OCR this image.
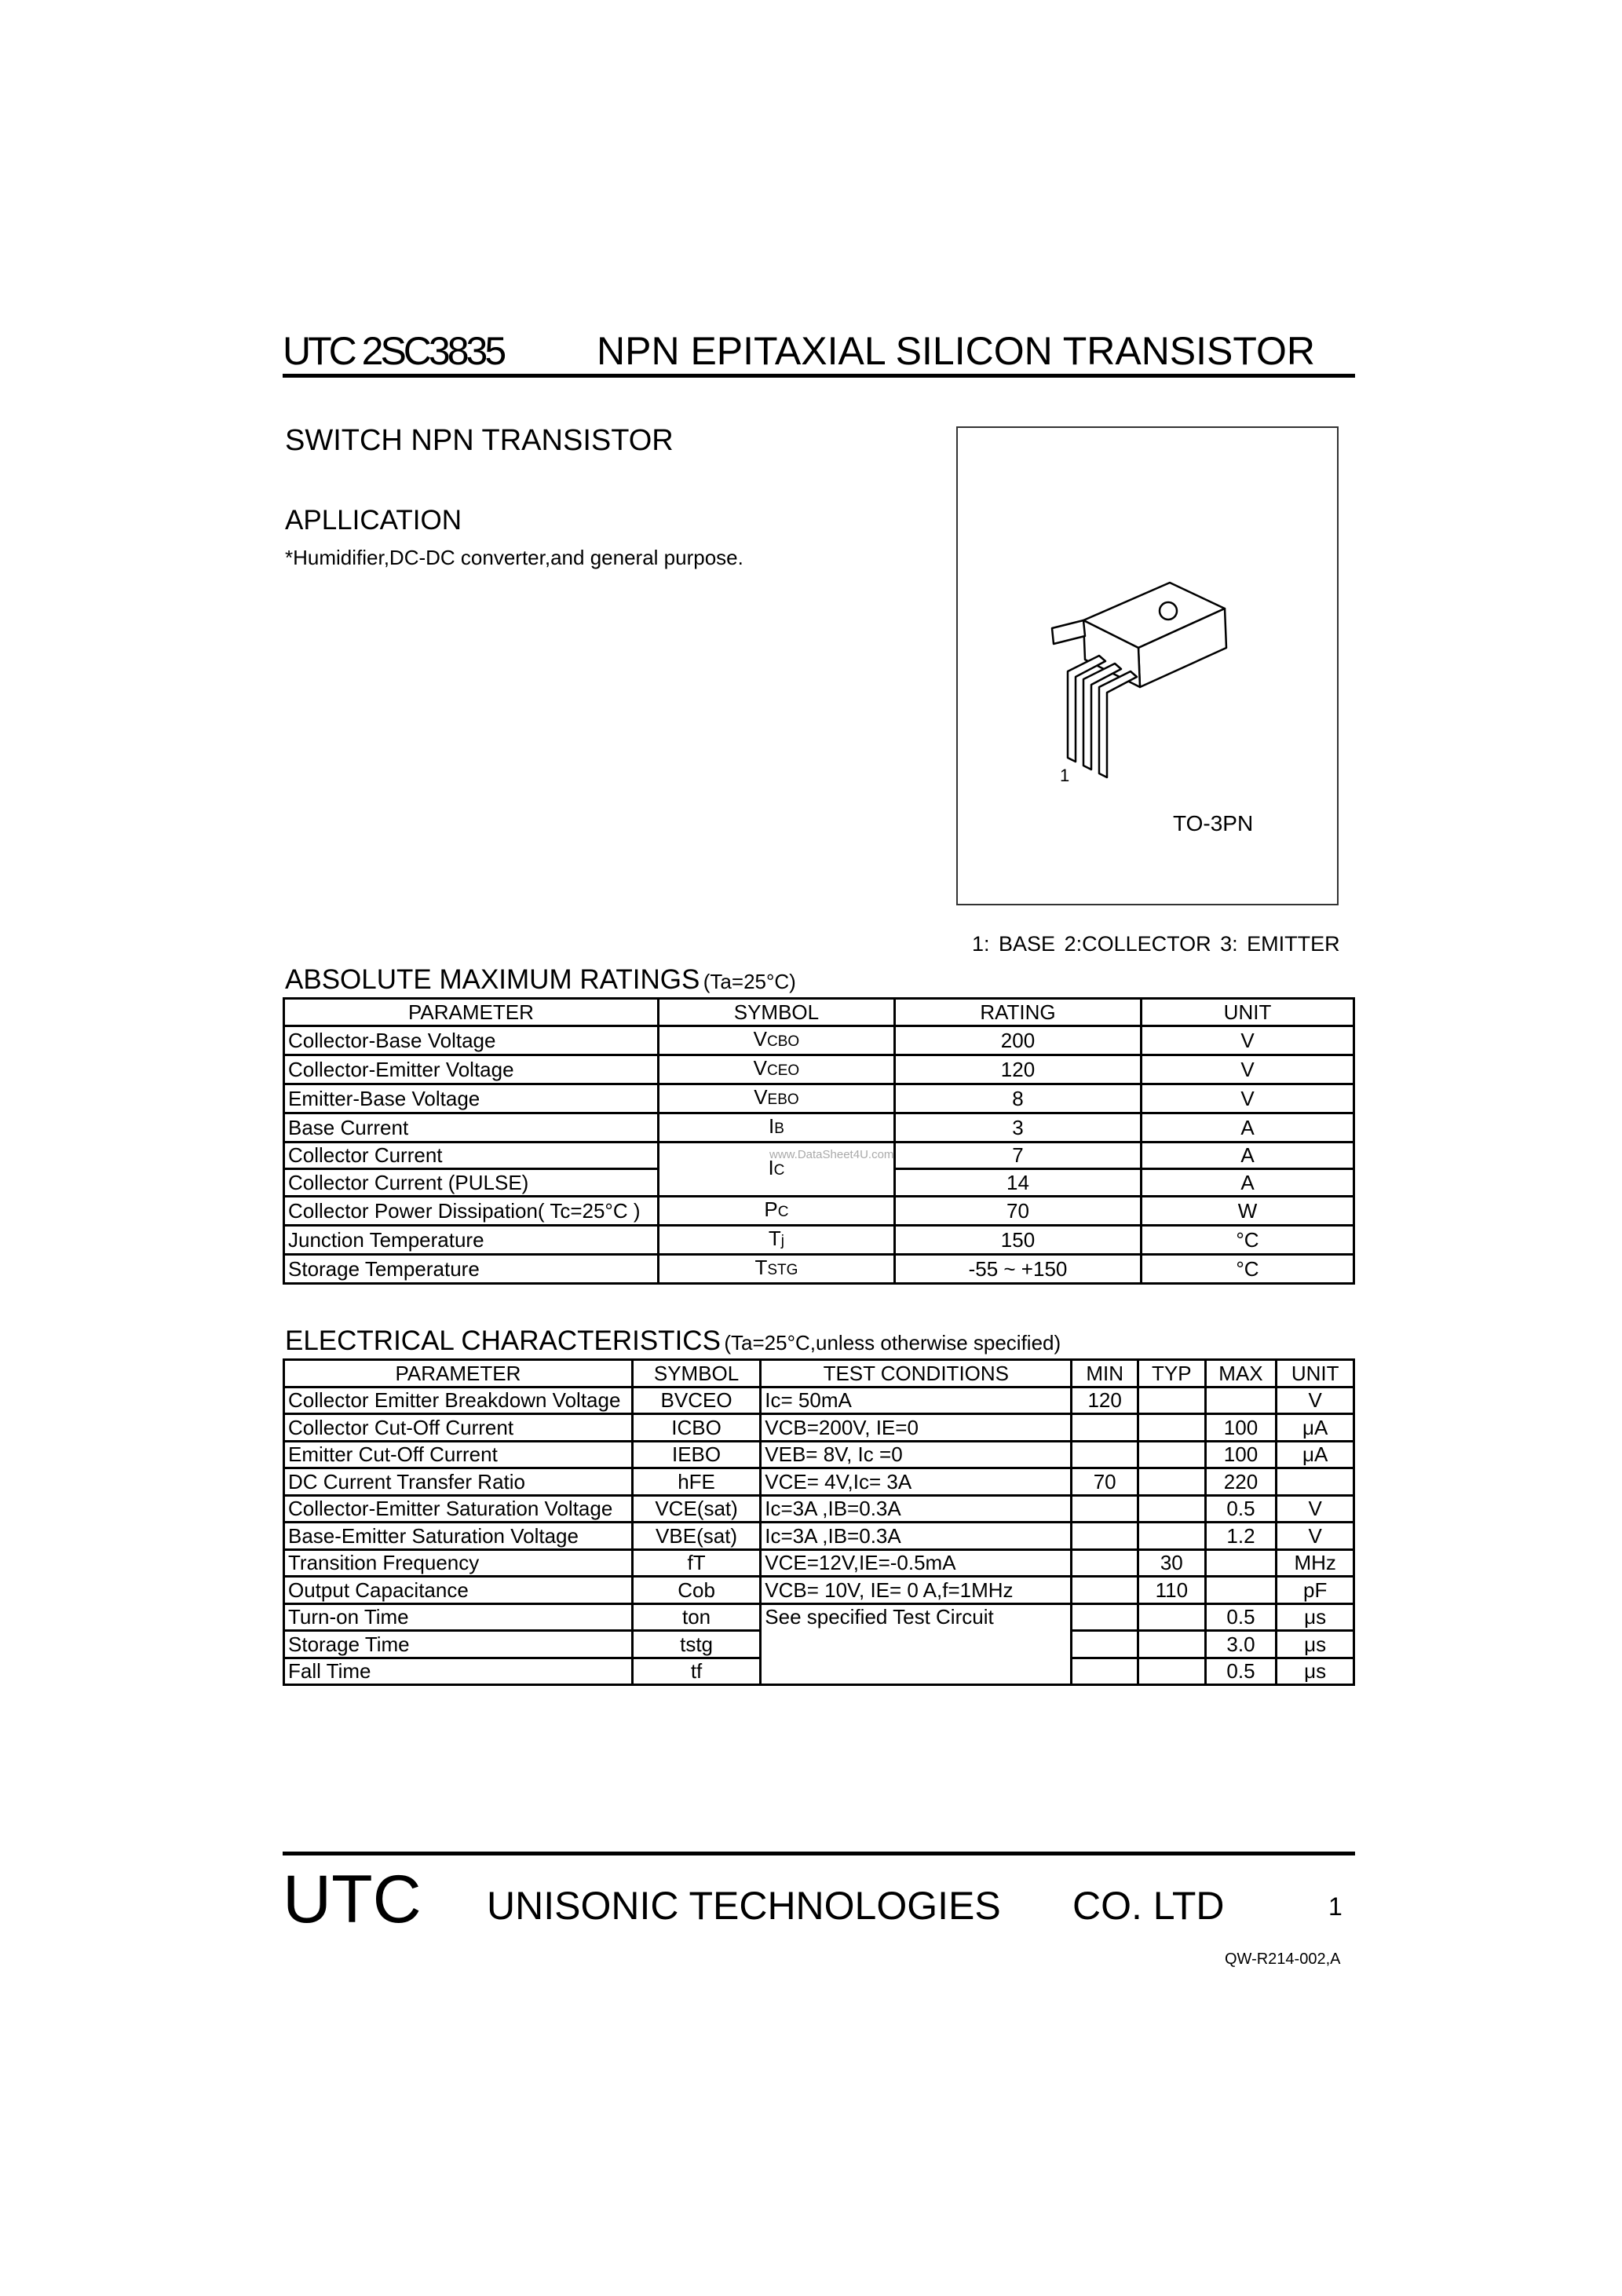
UTC 2SC3835 NPN EPITAXIAL SILICON TRANSISTOR
SWITCH NPN TRANSISTOR
APLLICATION
*Humidifier,DC-DC converter,and general purpose.
1
TO-3PN
1: BASE 2:COLLECTOR 3: EMITTER
ABSOLUTE MAXIMUM RATINGS (Ta=25°C)
PARAMETER	SYMBOL	RATING	UNIT
Collector-Base Voltage	VCBO	200	V
Collector-Emitter Voltage	VCEO	120	V
Emitter-Base Voltage	VEBO	8	V
Base Current	IB	3	A
Collector Current	IC	7	A
Collector Current (PULSE)		14	A
Collector Power Dissipation( Tc=25°C )	PC	70	W
Junction Temperature	Tj	150	°C
Storage Temperature	TSTG	-55 ~ +150	°C
www.DataSheet4U.com
ELECTRICAL CHARACTERISTICS (Ta=25°C,unless otherwise specified)
PARAMETER	SYMBOL	TEST CONDITIONS	MIN	TYP	MAX	UNIT
Collector Emitter Breakdown Voltage	BVCEO	Ic= 50mA	120			V
Collector Cut-Off Current	ICBO	VCB=200V, IE=0			100	μA
Emitter Cut-Off Current	IEBO	VEB= 8V, Ic =0			100	μA
DC Current Transfer Ratio	hFE	VCE= 4V,Ic= 3A	70		220	
Collector-Emitter Saturation Voltage	VCE(sat)	Ic=3A ,IB=0.3A			0.5	V
Base-Emitter Saturation Voltage	VBE(sat)	Ic=3A ,IB=0.3A			1.2	V
Transition Frequency	fT	VCE=12V,IE=-0.5mA		30		MHz
Output Capacitance	Cob	VCB= 10V, IE= 0 A,f=1MHz		110		pF
Turn-on Time	ton	See specified Test Circuit			0.5	μs
Storage Time	tstg				3.0	μs
Fall Time	tf				0.5	μs
UTC UNISONIC TECHNOLOGIES CO. LTD	1
QW-R214-002,A
